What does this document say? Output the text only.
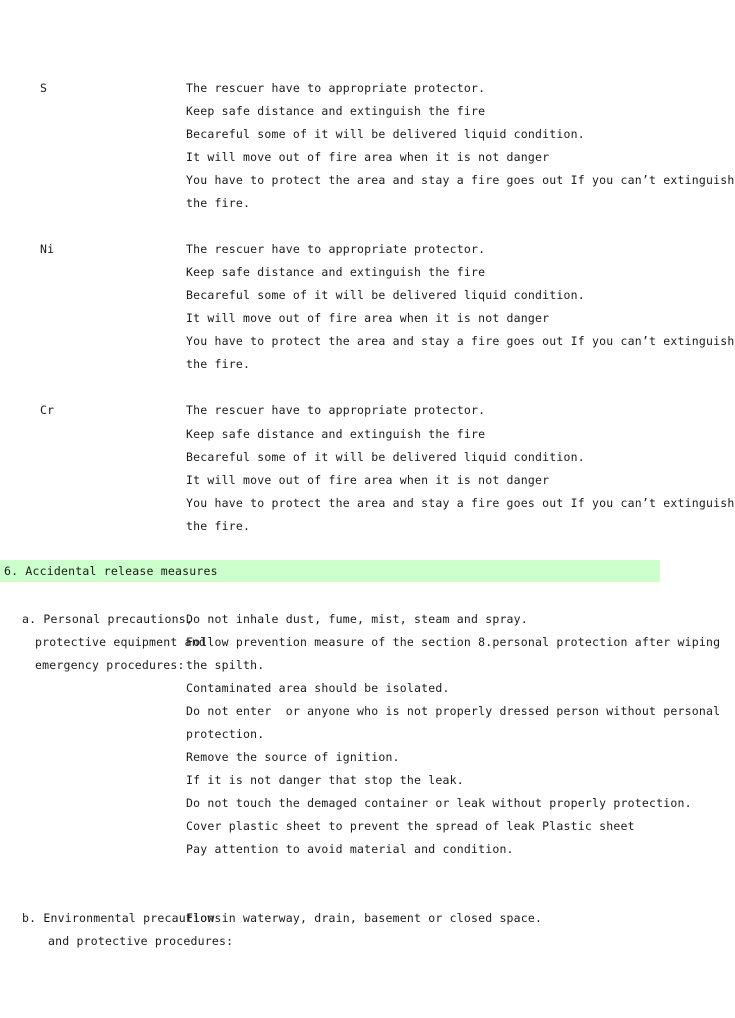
S	The rescuer have to appropriate protector.
Keep safe distance and extinguish the fire
Becareful some of it will be delivered liquid condition.
It will move out of fire area when it is not danger
You have to protect the area and stay a fire goes out If you can’t extinguish
the fire.
Ni	The rescuer have to appropriate protector.
Keep safe distance and extinguish the fire
Becareful some of it will be delivered liquid condition.
It will move out of fire area when it is not danger
You have to protect the area and stay a fire goes out If you can’t extinguish
the fire.
Cr	The rescuer have to appropriate protector.
Keep safe distance and extinguish the fire
Becareful some of it will be delivered liquid condition.
It will move out of fire area when it is not danger
You have to protect the area and stay a fire goes out If you can’t extinguish
the fire.
6. Accidental release measures
a. Personal precautions,
protective equipment and
emergency procedures:
Do not inhale dust, fume, mist, steam and spray.
Follow prevention measure of the section 8.personal protection after wiping
the spilth.
Contaminated area should be isolated.
Do not enter  or anyone who is not properly dressed person without personal
protection.
Remove the source of ignition.
If it is not danger that stop the leak.
Do not touch the demaged container or leak without properly protection.
Cover plastic sheet to prevent the spread of leak Plastic sheet
Pay attention to avoid material and condition.
b. Environmental precautions
and protective procedures:
Flow in waterway, drain, basement or closed space.
